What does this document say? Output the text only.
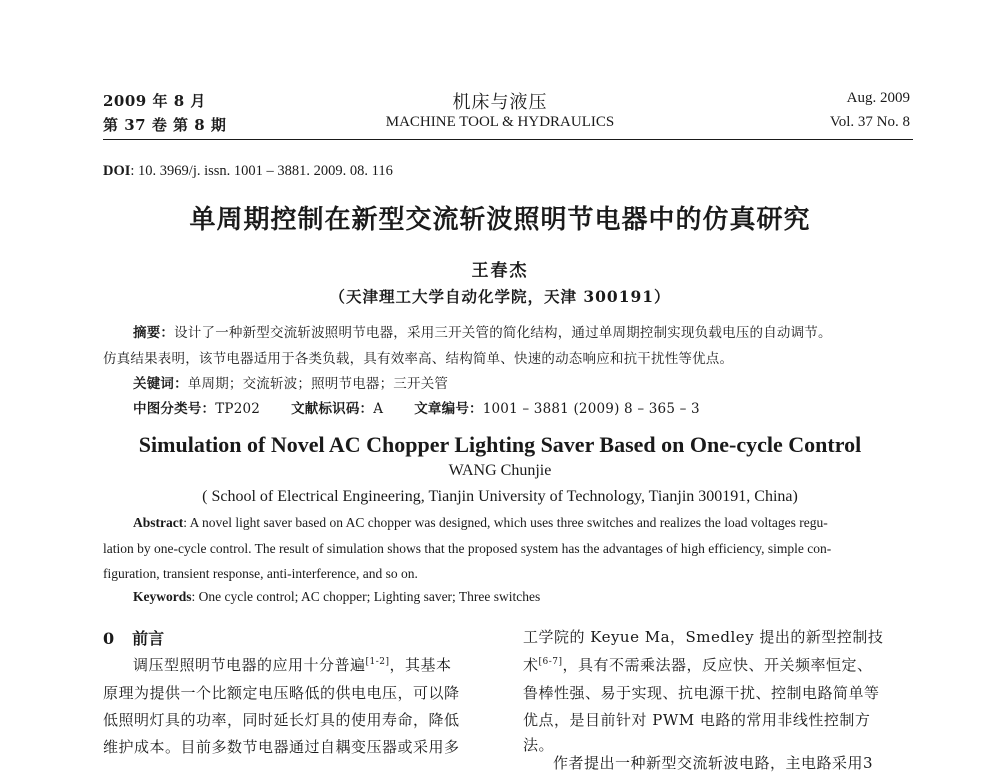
2009 年 8 月
第 37 卷 第 8 期
机床与液压
MACHINE TOOL & HYDRAULICS
Aug. 2009
Vol. 37 No. 8
DOI: 10. 3969/j. issn. 1001 – 3881. 2009. 08. 116
单周期控制在新型交流斩波照明节电器中的仿真研究
王春杰
（天津理工大学自动化学院，天津 300191）
摘要：设计了一种新型交流斩波照明节电器，采用三开关管的简化结构，通过单周期控制实现负载电压的自动调节。
仿真结果表明，该节电器适用于各类负载，具有效率高、结构简单、快速的动态响应和抗干扰性等优点。
关键词：单周期；交流斩波；照明节电器；三开关管
中图分类号：TP202 文献标识码：A 文章编号：1001 – 3881 (2009) 8 – 365 – 3
Simulation of Novel AC Chopper Lighting Saver Based on One-cycle Control
WANG Chunjie
( School of Electrical Engineering, Tianjin University of Technology, Tianjin 300191, China)
Abstract: A novel light saver based on AC chopper was designed, which uses three switches and realizes the load voltages regu-
lation by one-cycle control. The result of simulation shows that the proposed system has the advantages of high efficiency, simple con-
figuration, transient response, anti-interference, and so on.
Keywords: One cycle control; AC chopper; Lighting saver; Three switches
0 前言
调压型照明节电器的应用十分普遍[1-2]，其基本
原理为提供一个比额定电压略低的供电电压，可以降
低照明灯具的功率，同时延长灯具的使用寿命，降低
维护成本。目前多数节电器通过自耦变压器或采用多
工学院的 Keyue Ma，Smedley 提出的新型控制技
术[6-7]，具有不需乘法器，反应快、开关频率恒定、
鲁棒性强、易于实现、抗电源干扰、控制电路简单等
优点，是目前针对 PWM 电路的常用非线性控制方
法。
作者提出一种新型交流斩波电路，主电路采用3
